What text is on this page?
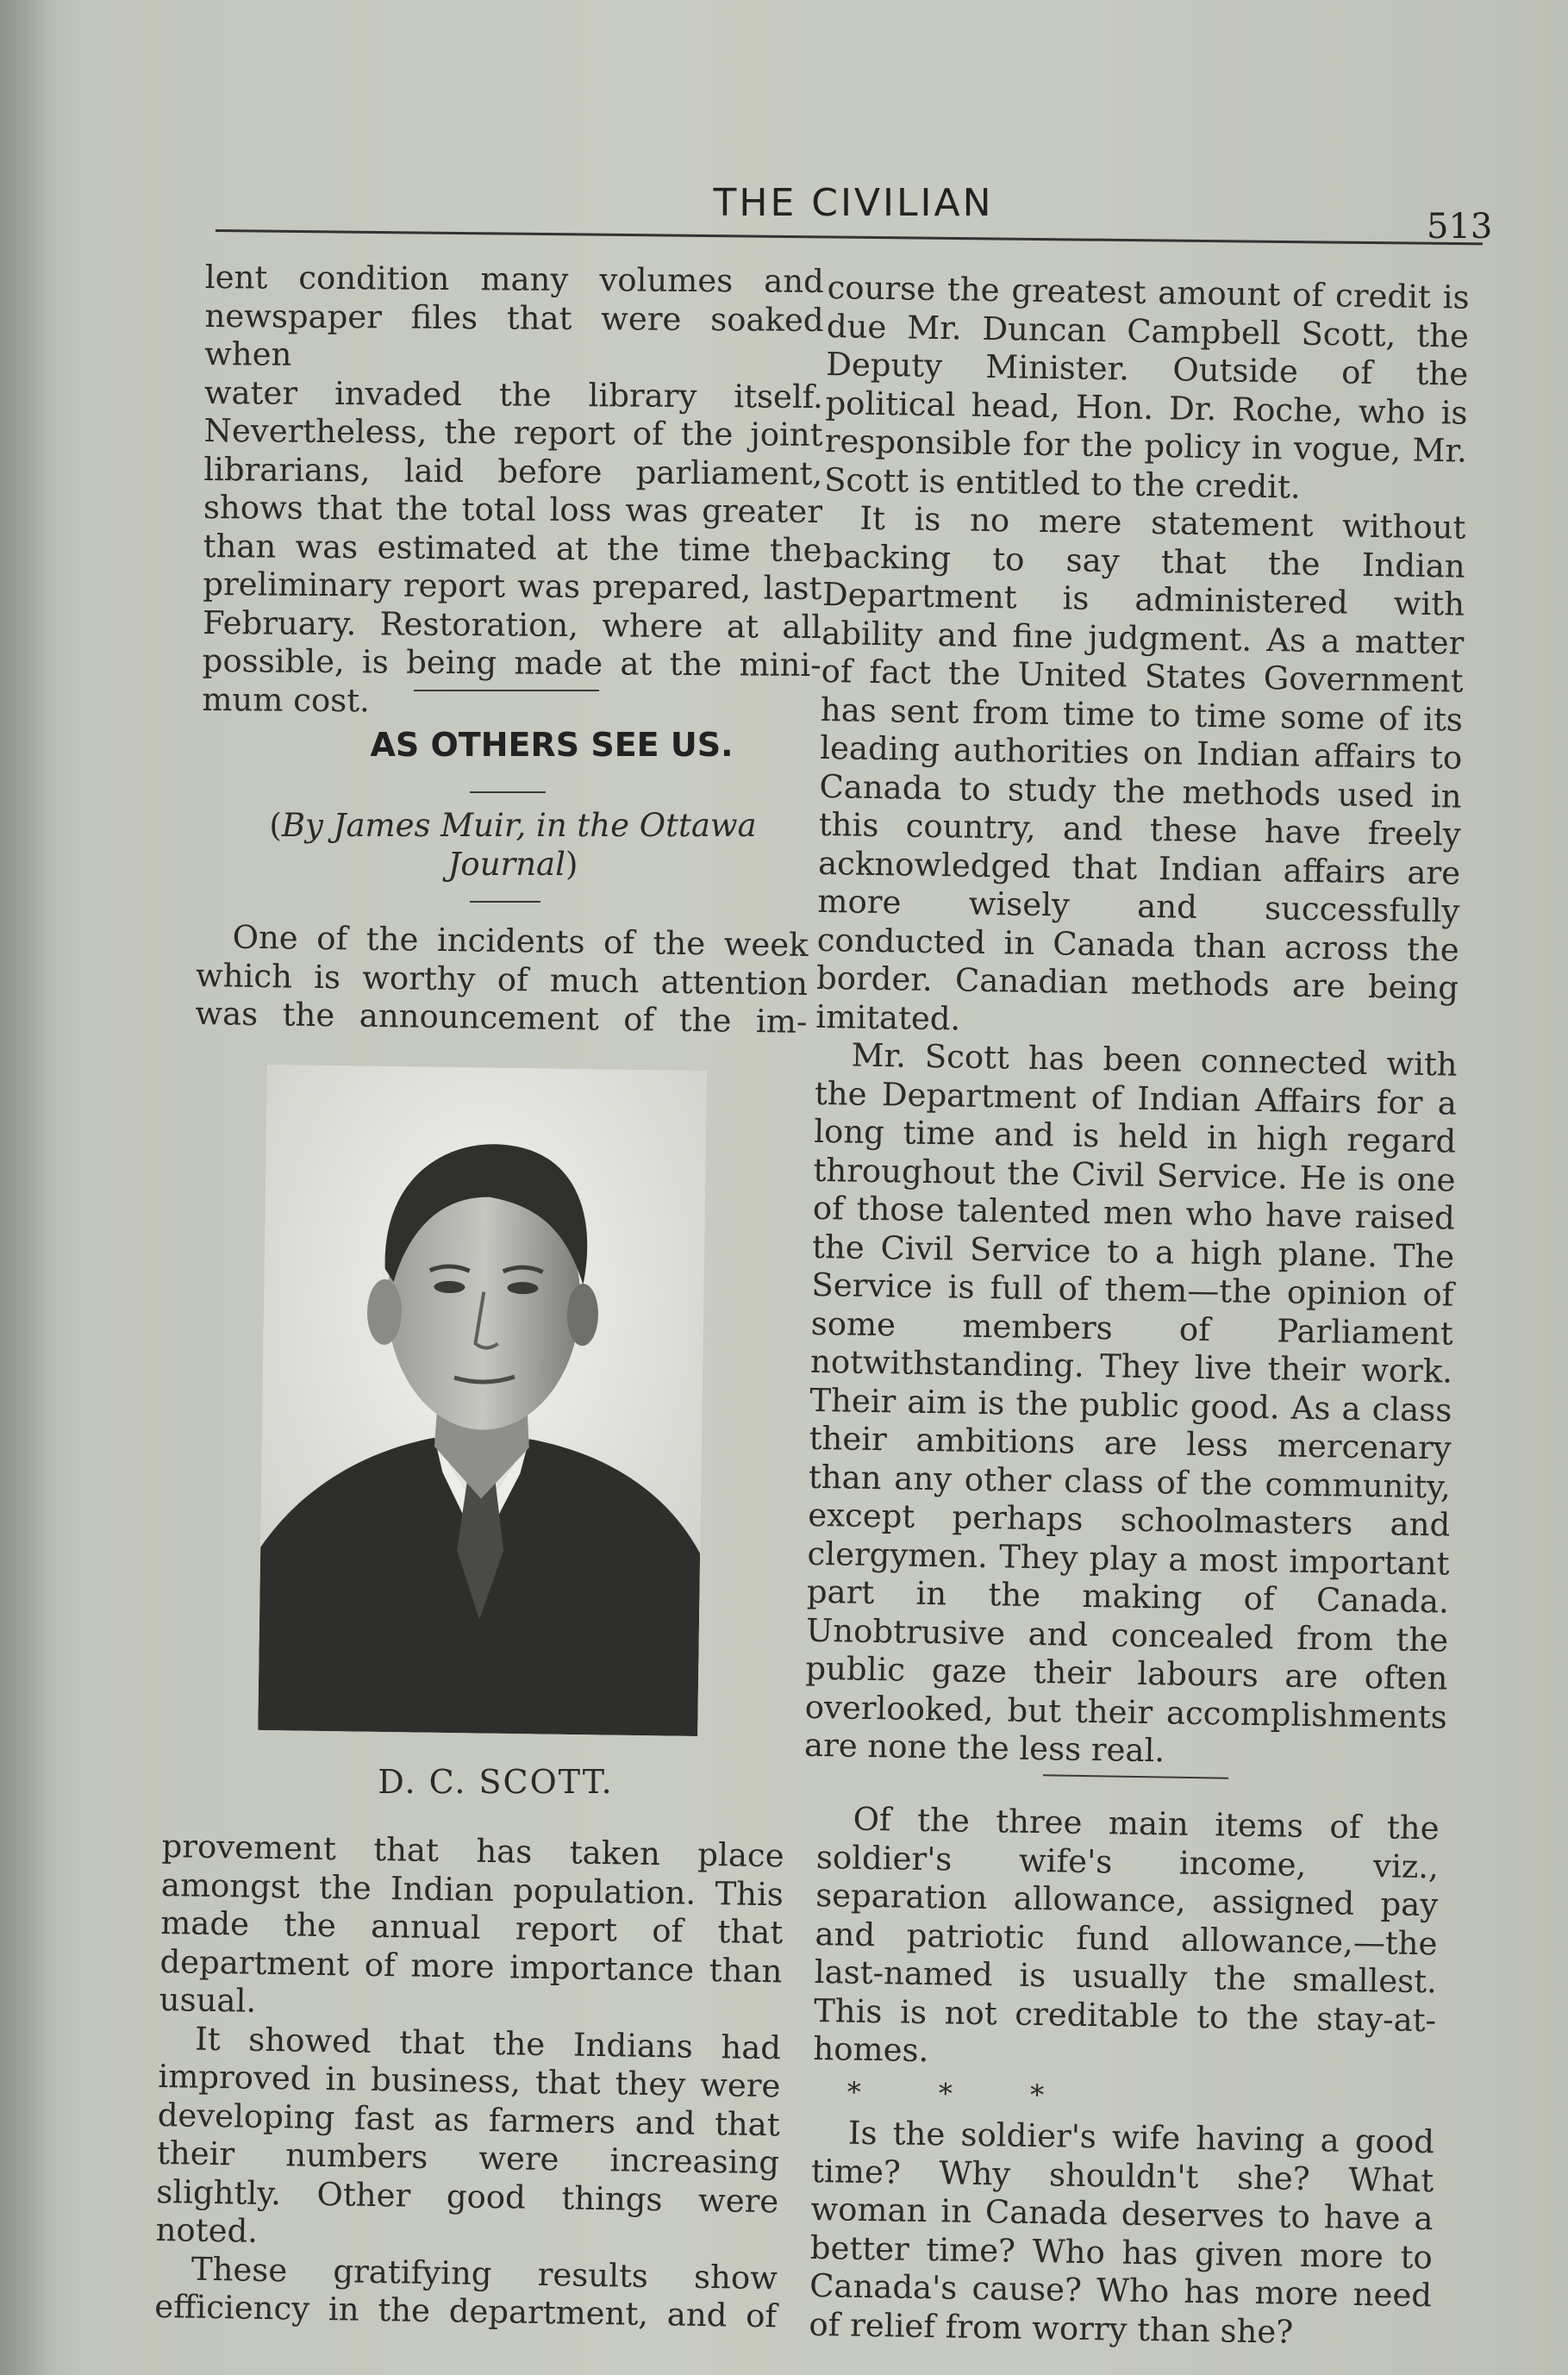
THE CIVILIAN
513

lent condition many volumes and

newspaper files that were soaked when

water invaded the library itself.

Nevertheless, the report of the joint

librarians, laid before parliament,

shows that the total loss was greater

than was estimated at the time the

preliminary report was prepared, last

February. Restoration, where at all

possible, is being made at the mini-

mum cost.

AS OTHERS SEE US.
(By James Muir, in the Ottawa Journal)

One of the incidents of the week

which is worthy of much attention

was the announcement of the im-

D. C. SCOTT.

provement that has taken place amongst the Indian population. This made the annual report of that department of more importance than usual.

It showed that the Indians had improved in business, that they were developing fast as farmers and that their numbers were increasing slightly. Other good things were noted.

These gratifying results show efficiency in the department, and of

course the greatest amount of credit is due Mr. Duncan Campbell Scott, the Deputy Minister. Outside of the political head, Hon. Dr. Roche, who is responsible for the policy in vogue, Mr. Scott is entitled to the credit.

It is no mere statement without backing to say that the Indian Department is administered with ability and fine judgment. As a matter of fact the United States Government has sent from time to time some of its leading authorities on Indian affairs to Canada to study the methods used in this country, and these have freely acknowledged that Indian affairs are more wisely and successfully conducted in Canada than across the border. Canadian methods are being imitated.

Mr. Scott has been connected with the Department of Indian Affairs for a long time and is held in high regard throughout the Civil Service. He is one of those talented men who have raised the Civil Service to a high plane. The Service is full of them—the opinion of some members of Parliament notwithstanding. They live their work. Their aim is the public good. As a class their ambitions are less mercenary than any other class of the community, except perhaps schoolmasters and clergymen. They play a most important part in the making of Canada. Unobtrusive and concealed from the public gaze their labours are often overlooked, but their accomplishments are none the less real.

Of the three main items of the soldier's wife's income, viz., separation allowance, assigned pay and patriotic fund allowance,—the last-named is usually the smallest. This is not creditable to the stay-at-homes.

* * *

Is the soldier's wife having a good time? Why shouldn't she? What woman in Canada deserves to have a better time? Who has given more to Canada's cause? Who has more need of relief from worry than she?
